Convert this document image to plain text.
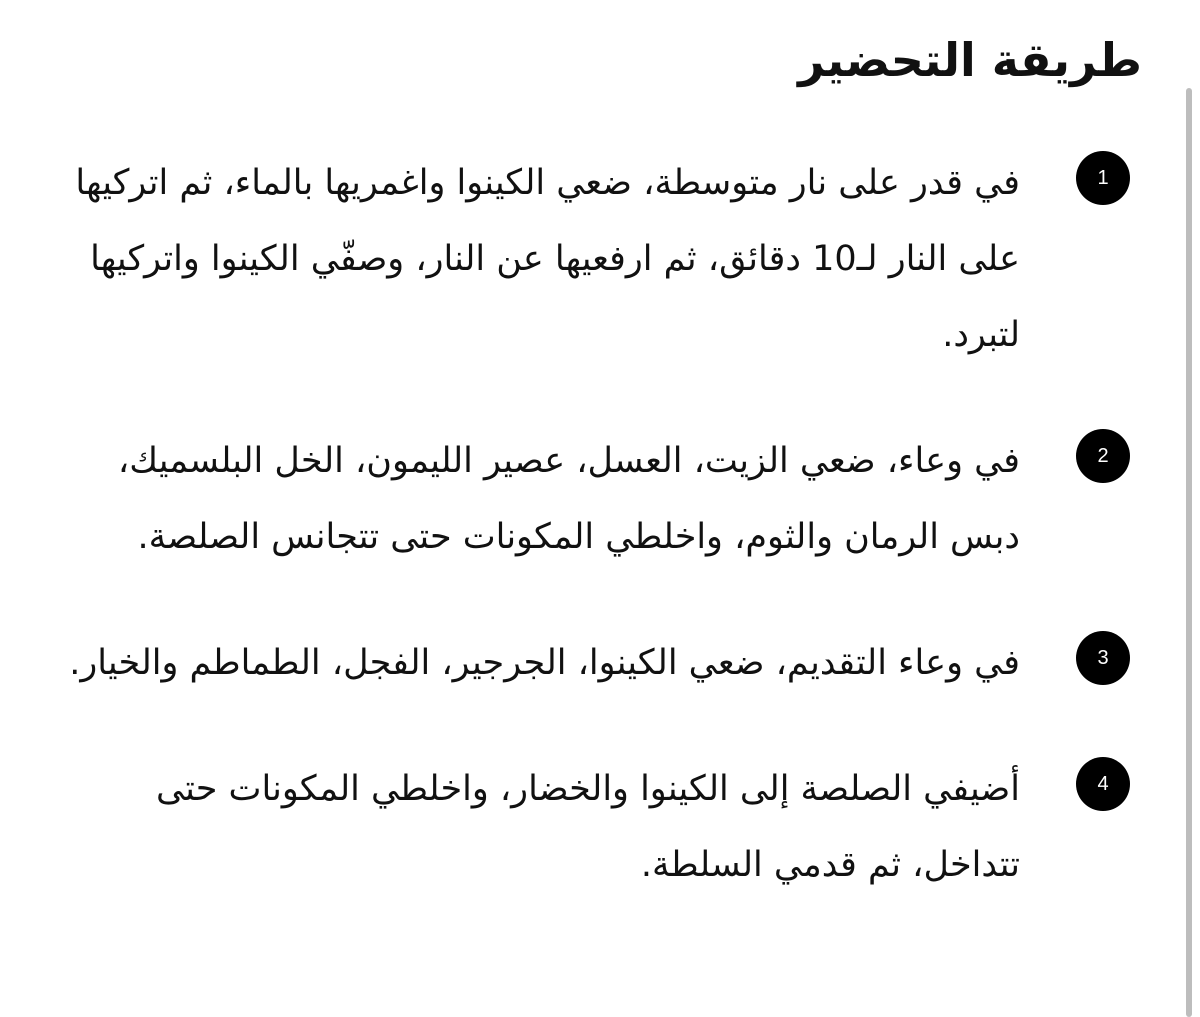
طريقة التحضير
1
في قدر على نار متوسطة، ضعي الكينوا واغمريها بالماء، ثم اتركيها على النار لـ10 دقائق، ثم ارفعيها عن النار، وصفّي الكينوا واتركيها لتبرد.
2
في وعاء، ضعي الزيت، العسل، عصير الليمون، الخل البلسميك، دبس الرمان والثوم، واخلطي المكونات حتى تتجانس الصلصة.
3
في وعاء التقديم، ضعي الكينوا، الجرجير، الفجل، الطماطم والخيار.
4
أضيفي الصلصة إلى الكينوا والخضار، واخلطي المكونات حتى تتداخل، ثم قدمي السلطة.
